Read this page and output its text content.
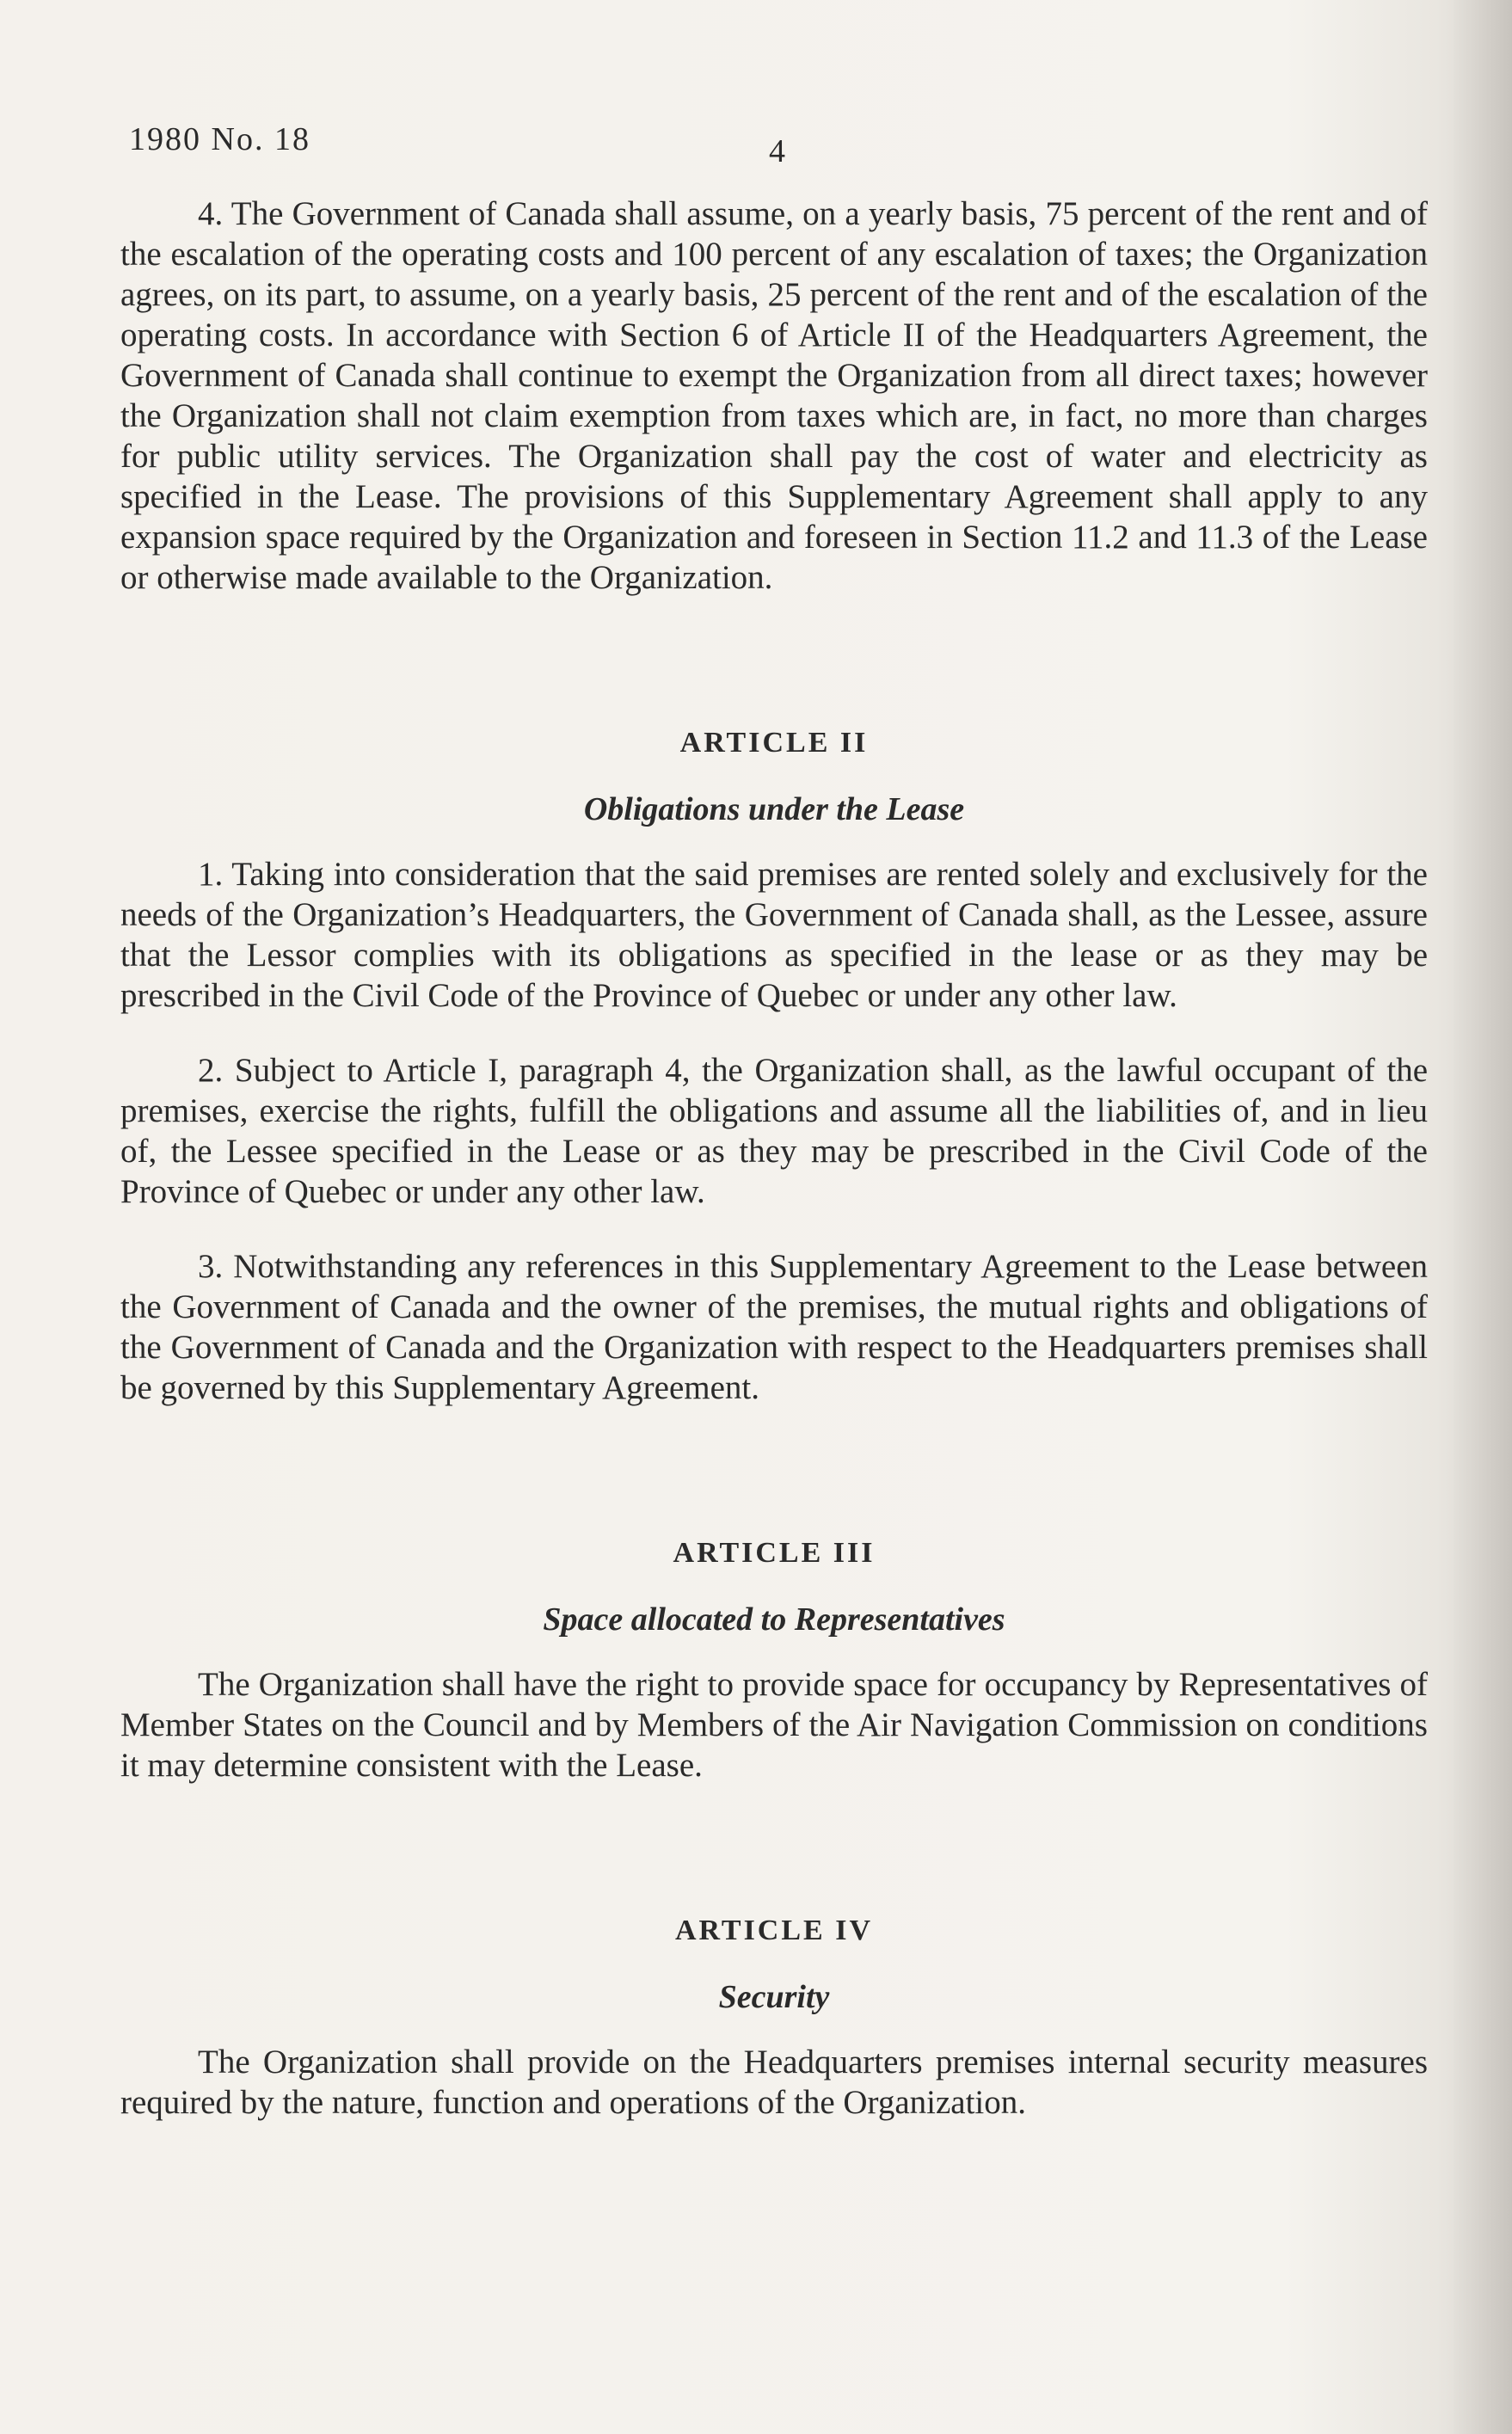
1980 No. 18	4

4. The Government of Canada shall assume, on a yearly basis, 75 percent of the rent and of the escalation of the operating costs and 100 percent of any escalation of taxes; the Organization agrees, on its part, to assume, on a yearly basis, 25 percent of the rent and of the escalation of the operating costs. In accordance with Section 6 of Article II of the Headquarters Agreement, the Government of Canada shall continue to exempt the Organization from all direct taxes; however the Organization shall not claim exemption from taxes which are, in fact, no more than charges for public utility services. The Organization shall pay the cost of water and electricity as specified in the Lease. The provisions of this Supplementary Agreement shall apply to any expansion space required by the Organization and foreseen in Section 11.2 and 11.3 of the Lease or otherwise made available to the Organization.

ARTICLE II
Obligations under the Lease

1. Taking into consideration that the said premises are rented solely and exclusively for the needs of the Organization’s Headquarters, the Government of Canada shall, as the Lessee, assure that the Lessor complies with its obligations as specified in the lease or as they may be prescribed in the Civil Code of the Province of Quebec or under any other law.

2. Subject to Article I, paragraph 4, the Organization shall, as the lawful occupant of the premises, exercise the rights, fulfill the obligations and assume all the liabilities of, and in lieu of, the Lessee specified in the Lease or as they may be prescribed in the Civil Code of the Province of Quebec or under any other law.

3. Notwithstanding any references in this Supplementary Agreement to the Lease between the Government of Canada and the owner of the premises, the mutual rights and obligations of the Government of Canada and the Organization with respect to the Headquarters premises shall be governed by this Supplementary Agreement.

ARTICLE III
Space allocated to Representatives

The Organization shall have the right to provide space for occupancy by Representatives of Member States on the Council and by Members of the Air Navigation Commission on conditions it may determine consistent with the Lease.

ARTICLE IV
Security

The Organization shall provide on the Headquarters premises internal security measures required by the nature, function and operations of the Organization.
